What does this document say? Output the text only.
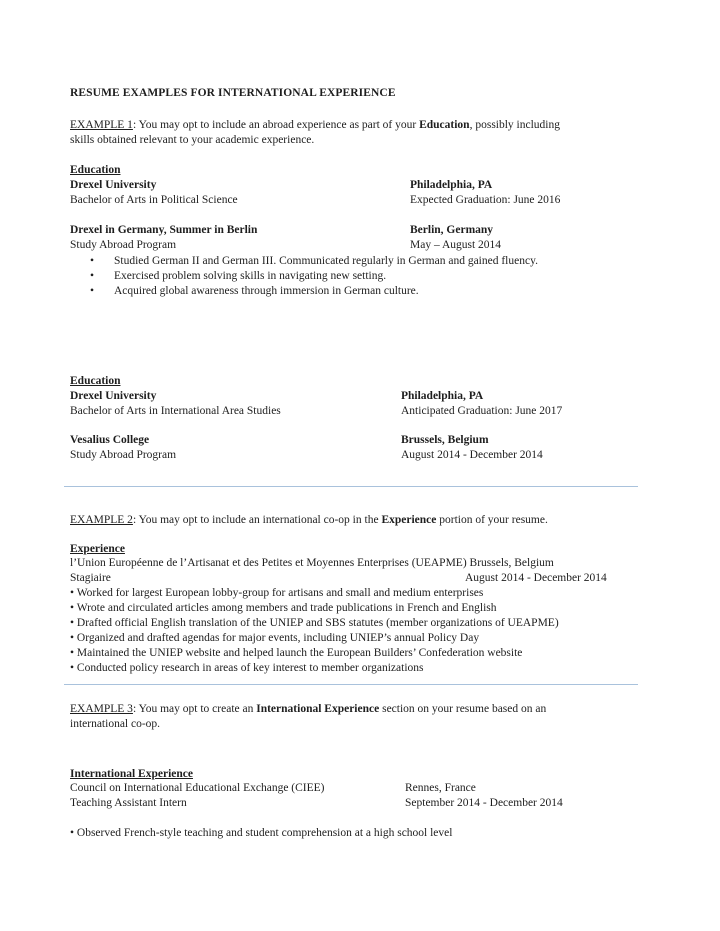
RESUME EXAMPLES FOR INTERNATIONAL EXPERIENCE
EXAMPLE 1: You may opt to include an abroad experience as part of your Education, possibly including
skills obtained relevant to your academic experience.
Education
Drexel University	Philadelphia, PA
Bachelor of Arts in Political Science	Expected Graduation: June 2016
Drexel in Germany, Summer in Berlin	Berlin, Germany
Study Abroad Program	May – August 2014
• Studied German II and German III. Communicated regularly in German and gained fluency.
• Exercised problem solving skills in navigating new setting.
• Acquired global awareness through immersion in German culture.
Education
Drexel University	Philadelphia, PA
Bachelor of Arts in International Area Studies	Anticipated Graduation: June 2017
Vesalius College	Brussels, Belgium
Study Abroad Program	August 2014 - December 2014
EXAMPLE 2: You may opt to include an international co-op in the Experience portion of your resume.
Experience
l’Union Européenne de l’Artisanat et des Petites et Moyennes Enterprises (UEAPME) Brussels, Belgium
Stagiaire	August 2014 - December 2014
• Worked for largest European lobby-group for artisans and small and medium enterprises
• Wrote and circulated articles among members and trade publications in French and English
• Drafted official English translation of the UNIEP and SBS statutes (member organizations of UEAPME)
• Organized and drafted agendas for major events, including UNIEP’s annual Policy Day
• Maintained the UNIEP website and helped launch the European Builders’ Confederation website
• Conducted policy research in areas of key interest to member organizations
EXAMPLE 3: You may opt to create an International Experience section on your resume based on an
international co-op.
International Experience
Council on International Educational Exchange (CIEE)	Rennes, France
Teaching Assistant Intern	September 2014 - December 2014
• Observed French-style teaching and student comprehension at a high school level
